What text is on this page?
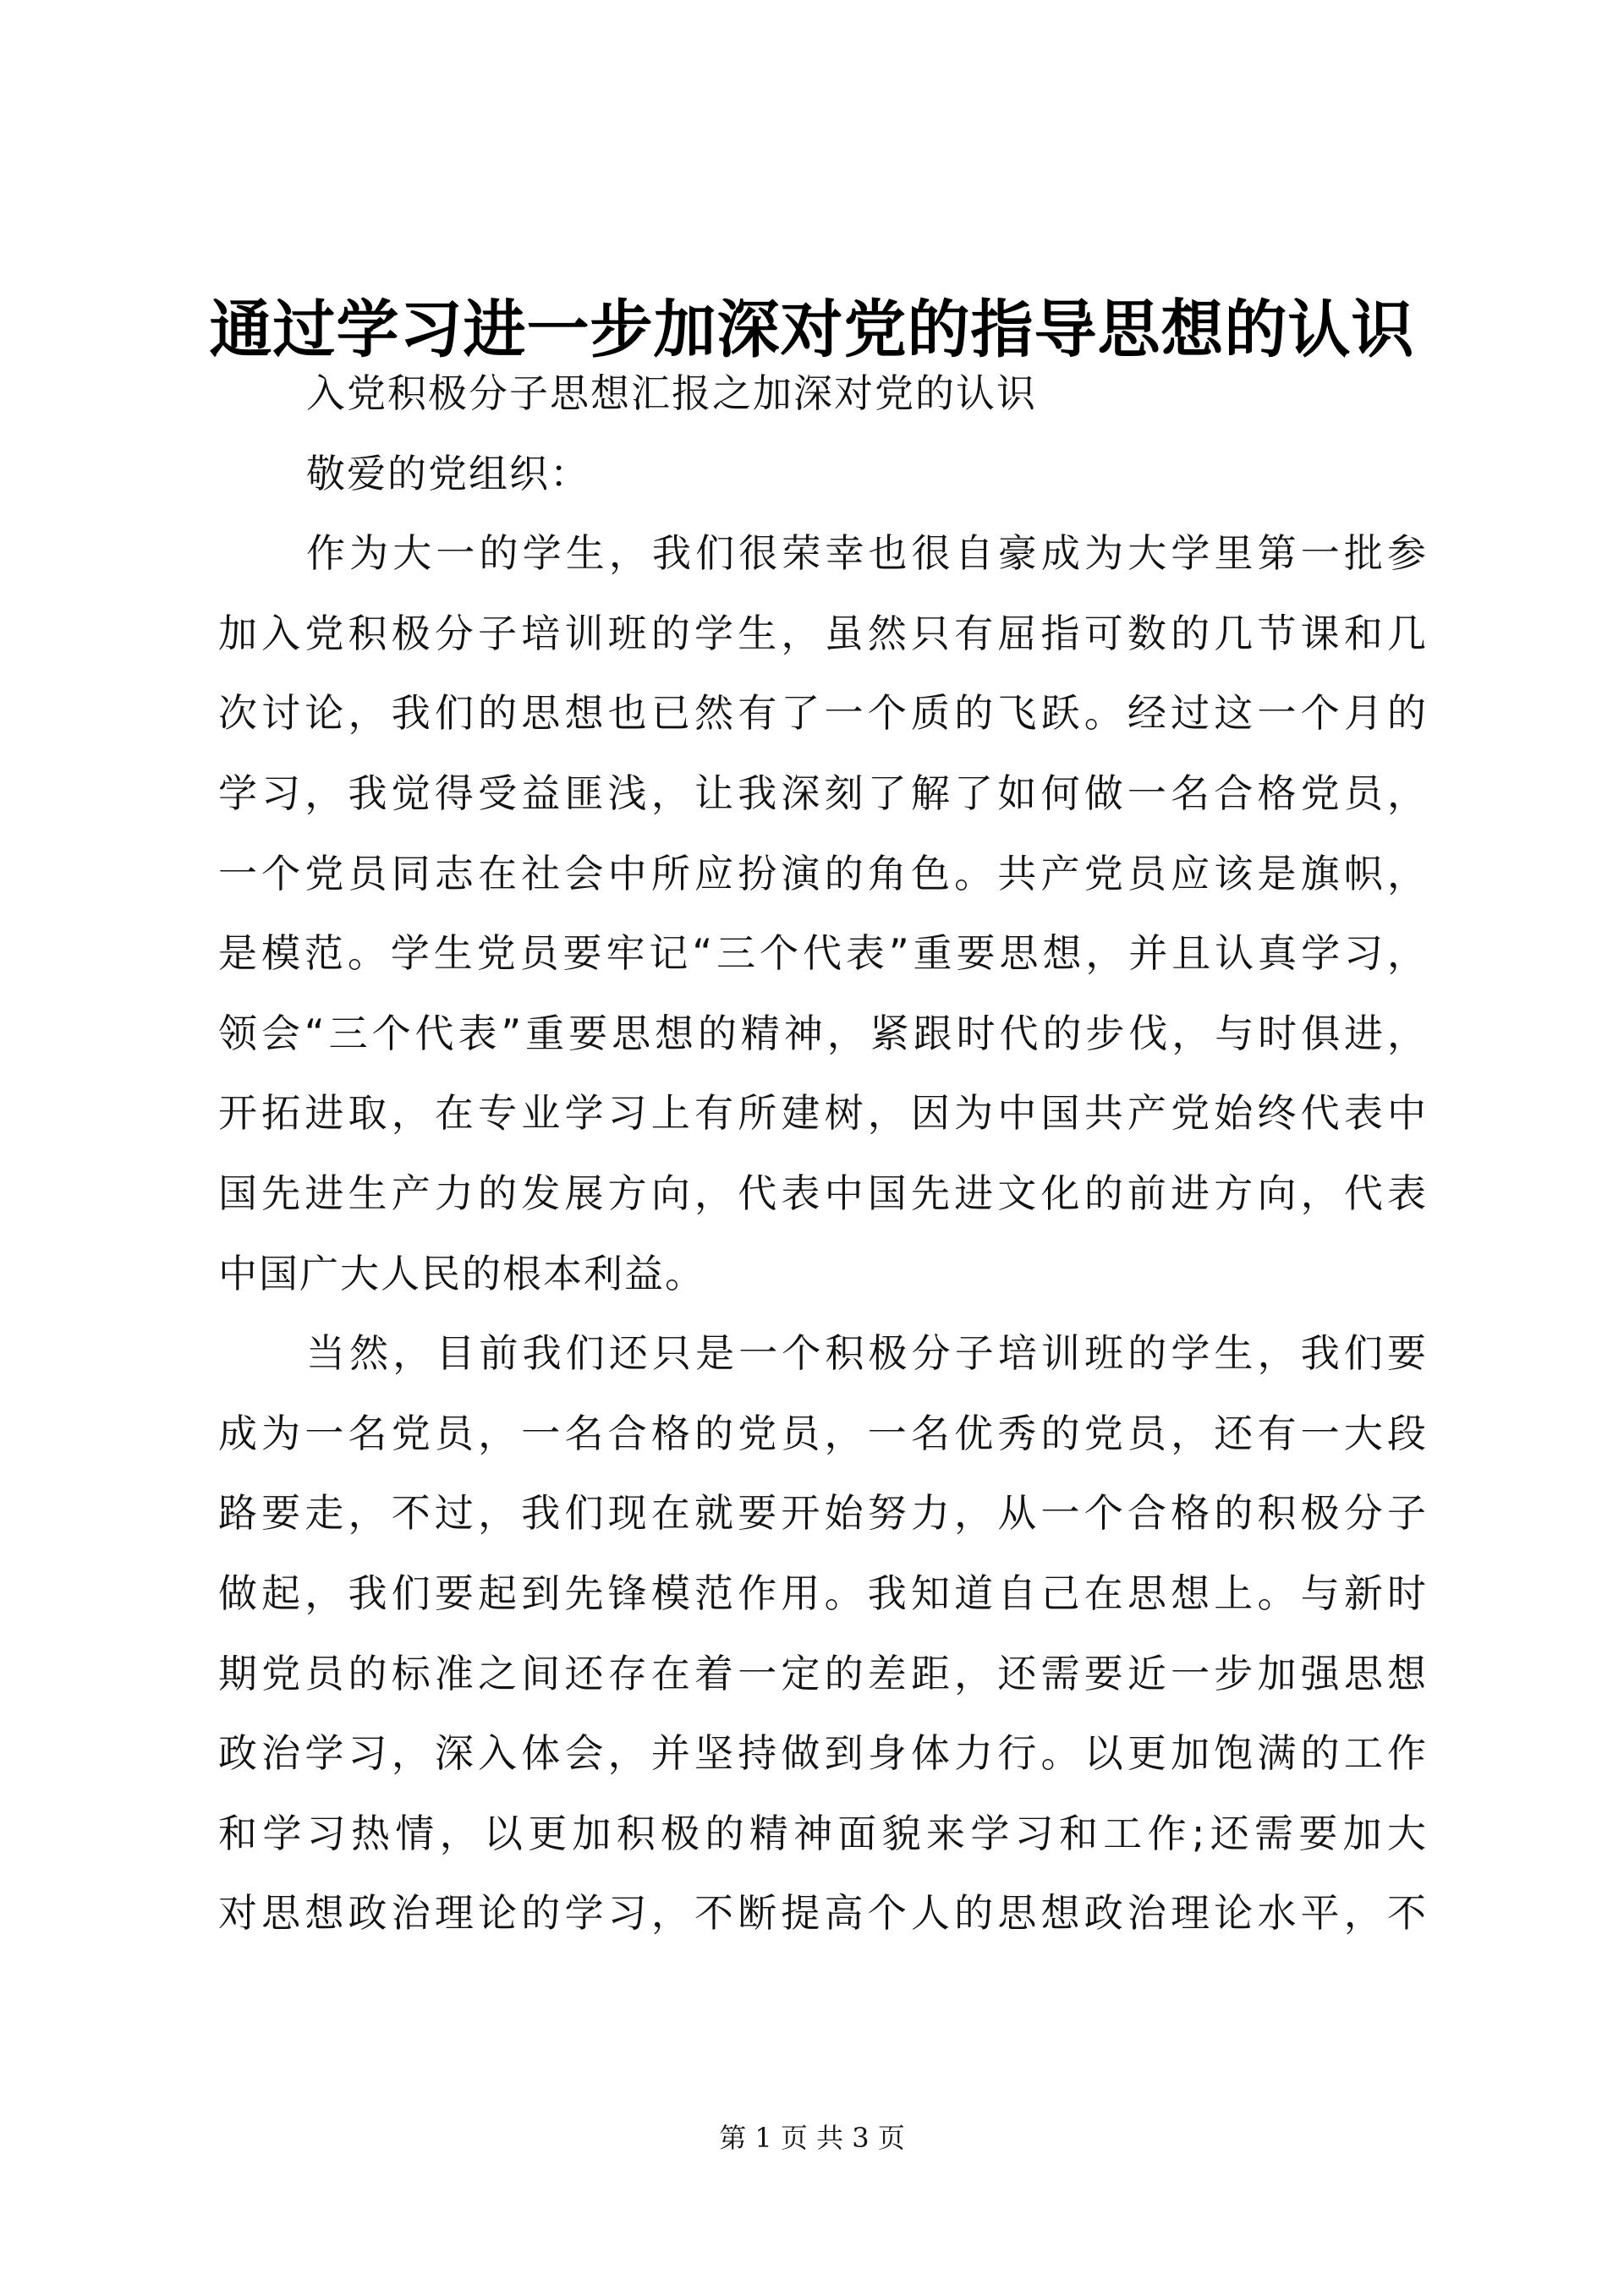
通过学习进一步加深对党的指导思想的认识
入党积极分子思想汇报之加深对党的认识
敬爱的党组织：
作为大一的学生，我们很荣幸也很自豪成为大学里第一批参
加入党积极分子培训班的学生，虽然只有屈指可数的几节课和几
次讨论，我们的思想也已然有了一个质的飞跃。经过这一个月的
学习，我觉得受益匪浅，让我深刻了解了如何做一名合格党员，
一个党员同志在社会中所应扮演的角色。共产党员应该是旗帜，
是模范。学生党员要牢记“三个代表”重要思想，并且认真学习，
领会“三个代表”重要思想的精神，紧跟时代的步伐，与时俱进，
开拓进取，在专业学习上有所建树，因为中国共产党始终代表中
国先进生产力的发展方向，代表中国先进文化的前进方向，代表
中国广大人民的根本利益。
当然，目前我们还只是一个积极分子培训班的学生，我们要
成为一名党员，一名合格的党员，一名优秀的党员，还有一大段
路要走，不过，我们现在就要开始努力，从一个合格的积极分子
做起，我们要起到先锋模范作用。我知道自己在思想上。与新时
期党员的标准之间还存在着一定的差距，还需要近一步加强思想
政治学习，深入体会，并坚持做到身体力行。以更加饱满的工作
和学习热情，以更加积极的精神面貌来学习和工作;还需要加大
对思想政治理论的学习，不断提高个人的思想政治理论水平，不
第 1 页 共 3 页
